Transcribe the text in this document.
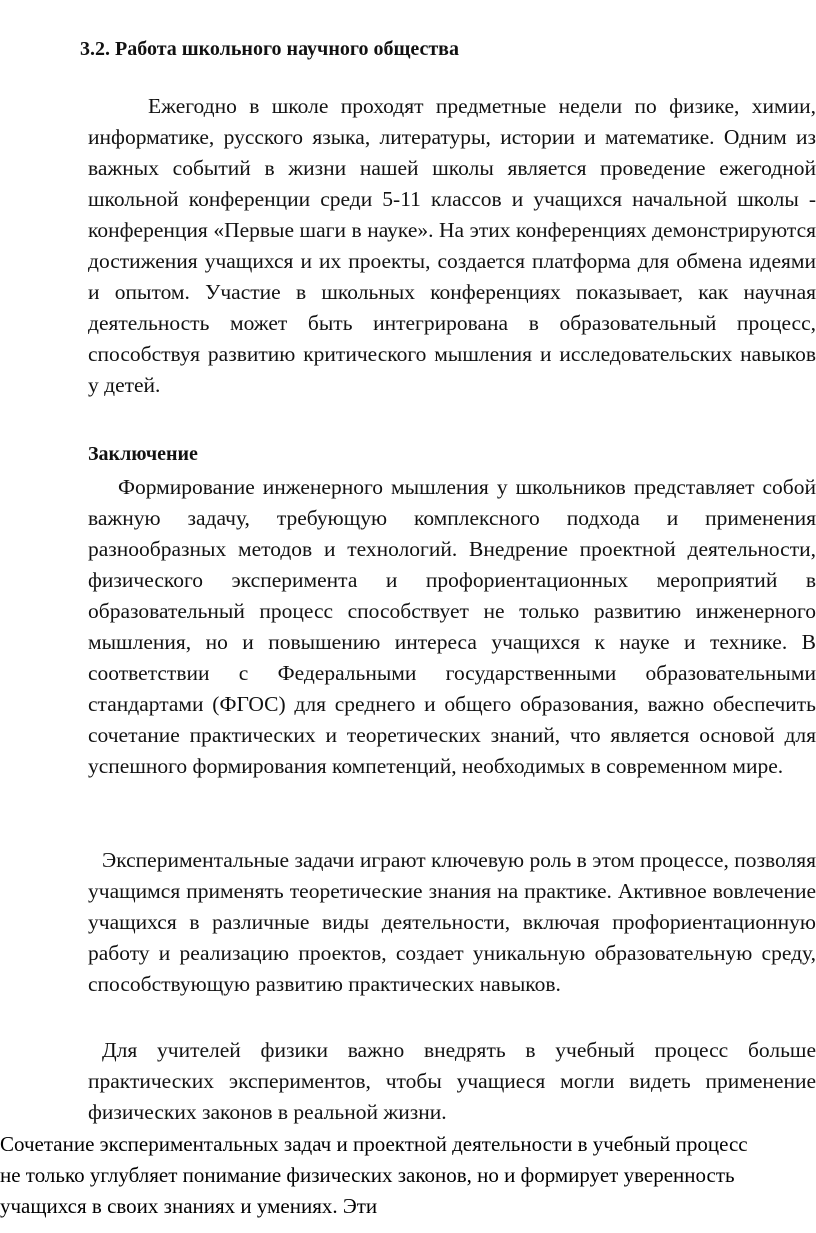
3.2. Работа школьного научного общества

Ежегодно в школе проходят предметные недели по физике, химии, информатике, русского языка, литературы, истории и математике. Одним из важных событий в жизни нашей школы является проведение ежегодной школьной конференции среди 5-11 классов и учащихся начальной школы - конференция «Первые шаги в науке». На этих конференциях демонстрируются достижения учащихся и их проекты, создается платформа для обмена идеями и опытом. Участие в школьных конференциях показывает, как научная деятельность может быть интегрирована в образовательный процесс, способствуя развитию критического мышления и исследовательских навыков у детей.

Заключение

Формирование инженерного мышления у школьников представляет собой важную задачу, требующую комплексного подхода и применения разнообразных методов и технологий. Внедрение проектной деятельности, физического эксперимента и профориентационных мероприятий в образовательный процесс способствует не только развитию инженерного мышления, но и повышению интереса учащихся к науке и технике. В соответствии с Федеральными государственными образовательными стандартами (ФГОС) для среднего и общего образования, важно обеспечить сочетание практических и теоретических знаний, что является основой для успешного формирования компетенций, необходимых в современном мире.

Экспериментальные задачи играют ключевую роль в этом процессе, позволяя учащимся применять теоретические знания на практике. Активное вовлечение учащихся в различные виды деятельности, включая профориентационную работу и реализацию проектов, создает уникальную образовательную среду, способствующую развитию практических навыков.

Для учителей физики важно внедрять в учебный процесс больше практических экспериментов, чтобы учащиеся могли видеть применение физических законов в реальной жизни.

Сочетание экспериментальных задач и проектной деятельности в учебный процесс не только углубляет понимание физических законов, но и формирует уверенность учащихся в своих знаниях и умениях. Эти
